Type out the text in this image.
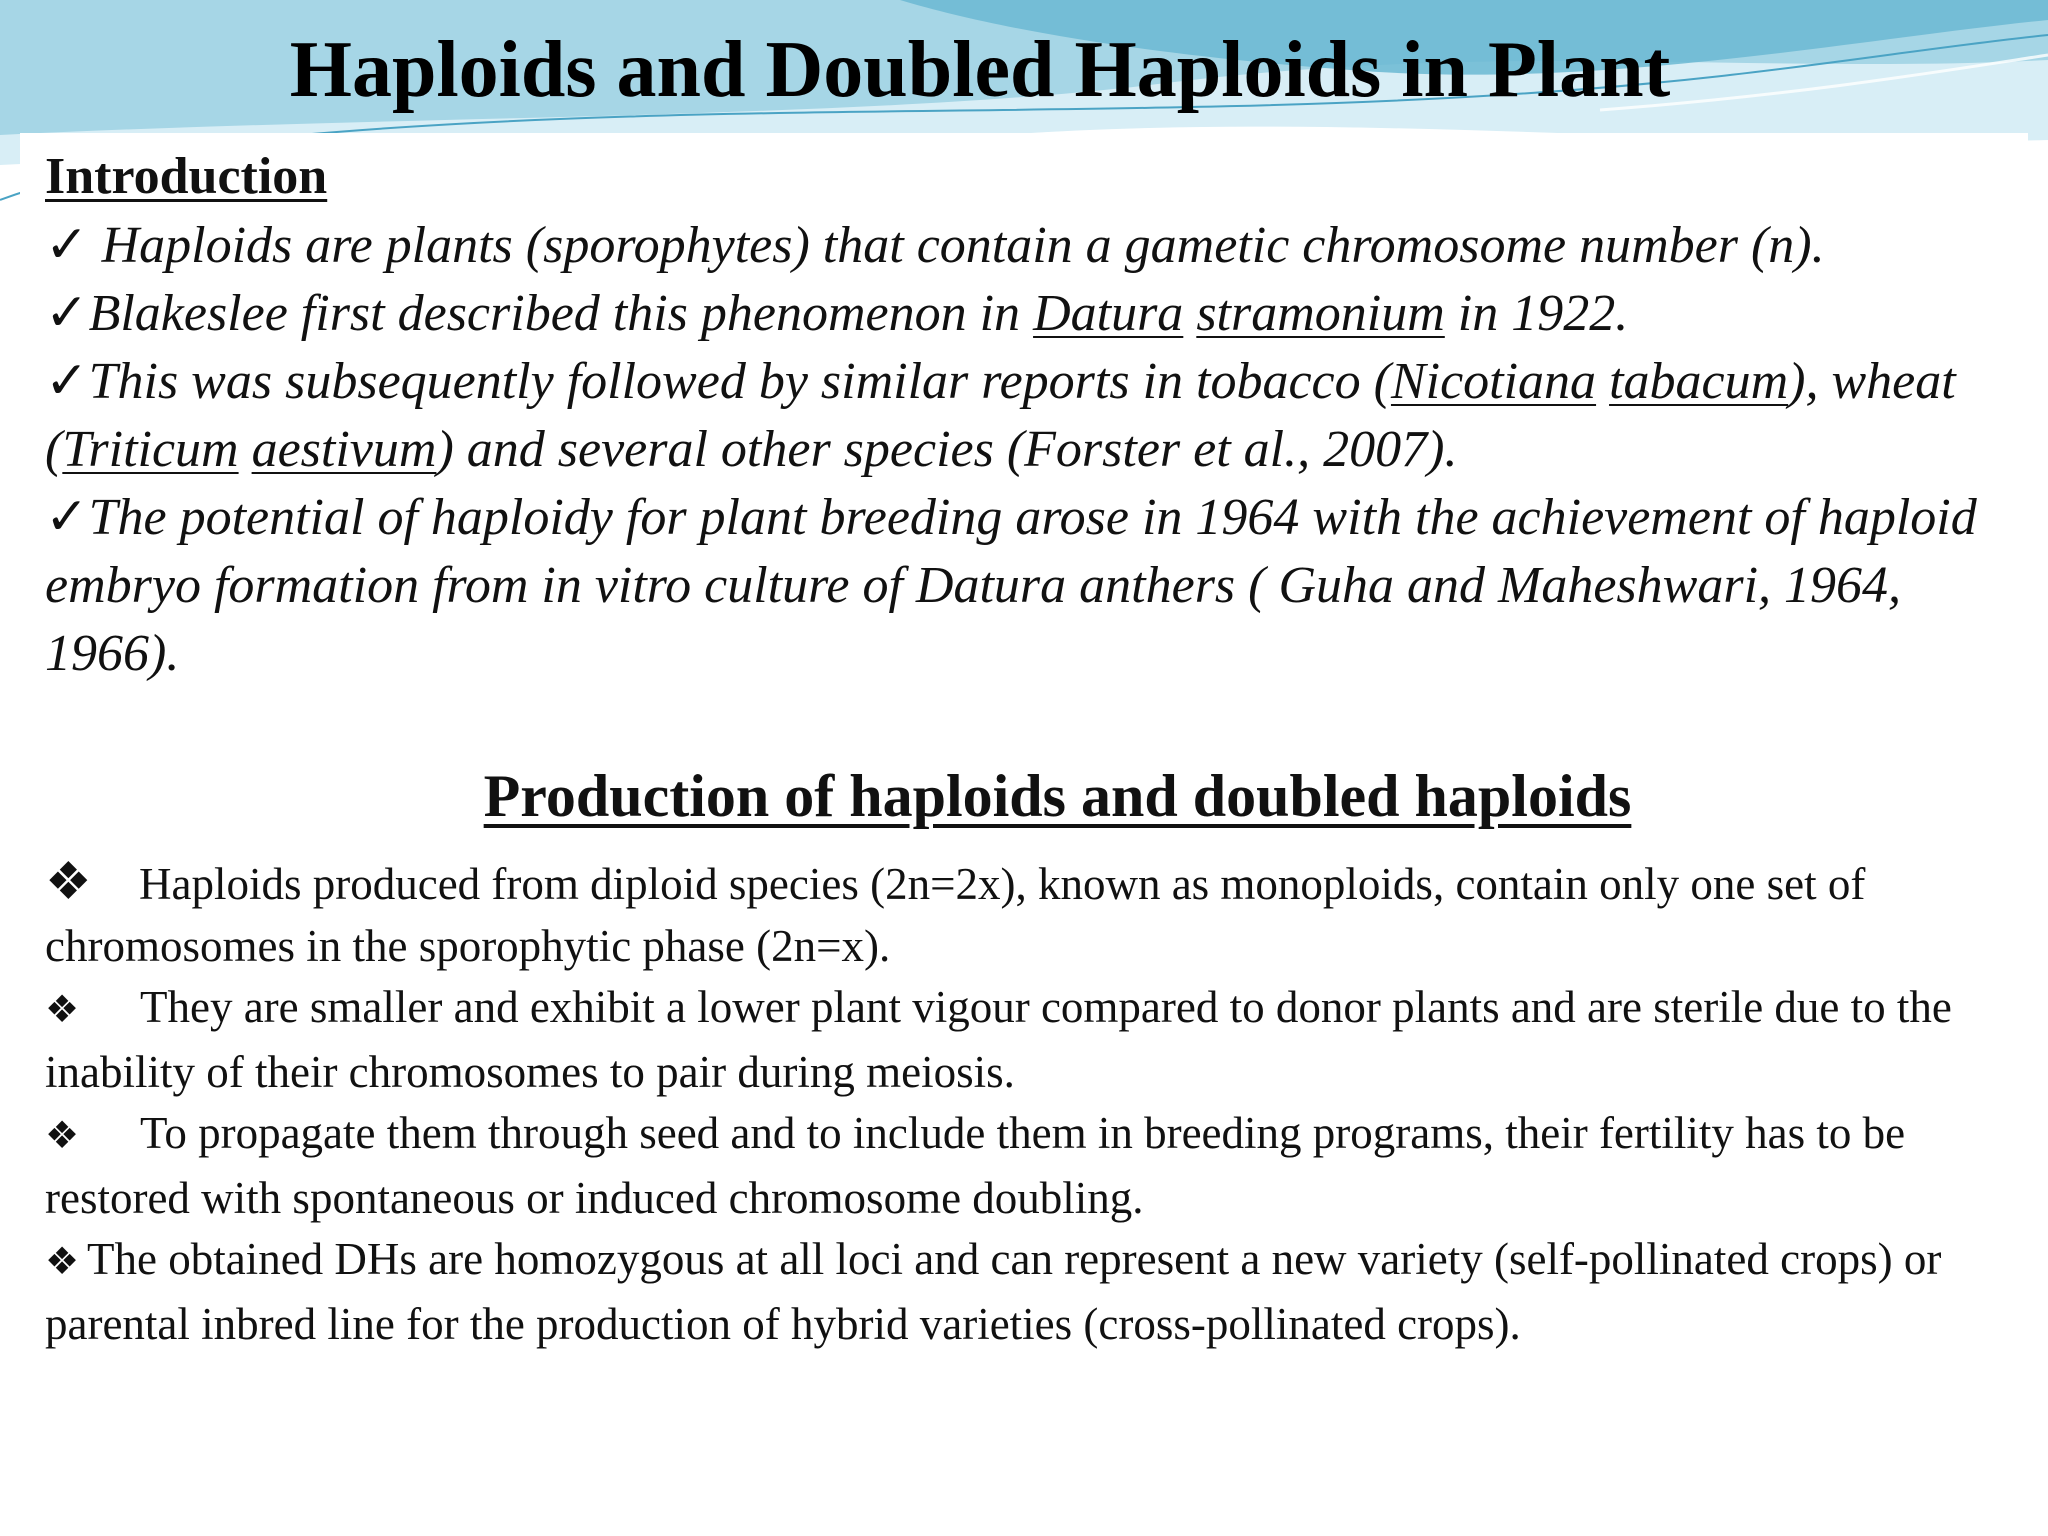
Haploids and Doubled Haploids in Plant
Introduction

✓ Haploids are plants (sporophytes) that contain a gametic chromosome number (n).

✓Blakeslee first described this phenomenon in Datura stramonium in 1922.

✓This was subsequently followed by similar reports in tobacco (Nicotiana tabacum), wheat (Triticum aestivum) and several other species (Forster et al., 2007).

✓The potential of haploidy for plant breeding arose in 1964 with the achievement of haploid embryo formation from in vitro culture of Datura anthers ( Guha and Maheshwari, 1964, 1966).

Production of haploids and doubled haploids

❖ Haploids produced from diploid species (2n=2x), known as monoploids, contain only one set of chromosomes in the sporophytic phase (2n=x).

❖ They are smaller and exhibit a lower plant vigour compared to donor plants and are sterile due to the inability of their chromosomes to pair during meiosis.

❖ To propagate them through seed and to include them in breeding programs, their fertility has to be restored with spontaneous or induced chromosome doubling.

❖ The obtained DHs are homozygous at all loci and can represent a new variety (self-pollinated crops) or parental inbred line for the production of hybrid varieties (cross-pollinated crops).
